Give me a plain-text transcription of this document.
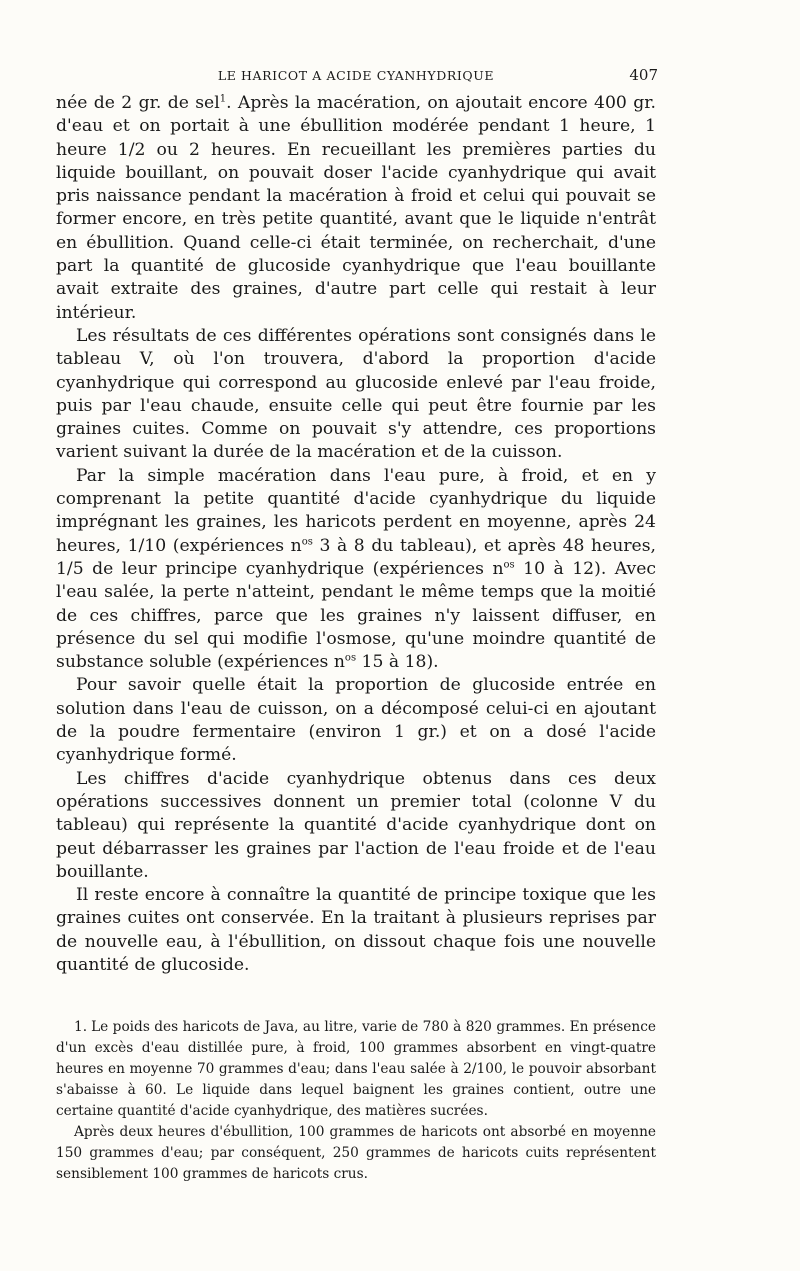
LE HARICOT A ACIDE CYANHYDRIQUE	407

née de 2 gr. de sel$^1$. Après la macération, on ajoutait encore 400 gr. d'eau et on portait à une ébullition modérée pendant 1 heure, 1 heure 1/2 ou 2 heures. En recueillant les premières parties du liquide bouillant, on pouvait doser l'acide cyanhydrique qui avait pris naissance pendant la macération à froid et celui qui pouvait se former encore, en très petite quantité, avant que le liquide n'entrât en ébullition. Quand celle-ci était terminée, on recherchait, d'une part la quantité de glucoside cyanhydrique que l'eau bouillante avait extraite des graines, d'autre part celle qui restait à leur intérieur.

Les résultats de ces différentes opérations sont consignés dans le tableau V, où l'on trouvera, d'abord la proportion d'acide cyanhydrique qui correspond au glucoside enlevé par l'eau froide, puis par l'eau chaude, ensuite celle qui peut être fournie par les graines cuites. Comme on pouvait s'y attendre, ces proportions varient suivant la durée de la macération et de la cuisson.

Par la simple macération dans l'eau pure, à froid, et en y comprenant la petite quantité d'acide cyanhydrique du liquide imprégnant les graines, les haricots perdent en moyenne, après 24 heures, 1/10 (expériences $n^{os}$ 3 à 8 du tableau), et après 48 heures, 1/5 de leur principe cyanhydrique (expériences $n^{os}$ 10 à 12). Avec l'eau salée, la perte n'atteint, pendant le même temps que la moitié de ces chiffres, parce que les graines n'y laissent diffuser, en présence du sel qui modifie l'osmose, qu'une moindre quantité de substance soluble (expériences $n^{os}$ 15 à 18).

Pour savoir quelle était la proportion de glucoside entrée en solution dans l'eau de cuisson, on a décomposé celui-ci en ajoutant de la poudre fermentaire (environ 1 gr.) et on a dosé l'acide cyanhydrique formé.

Les chiffres d'acide cyanhydrique obtenus dans ces deux opérations successives donnent un premier total (colonne V du tableau) qui représente la quantité d'acide cyanhydrique dont on peut débarrasser les graines par l'action de l'eau froide et de l'eau bouillante.

Il reste encore à connaître la quantité de principe toxique que les graines cuites ont conservée. En la traitant à plusieurs reprises par de nouvelle eau, à l'ébullition, on dissout chaque fois une nouvelle quantité de glucoside.

1. Le poids des haricots de Java, au litre, varie de 780 à 820 grammes. En présence d'un excès d'eau distillée pure, à froid, 100 grammes absorbent en vingt-quatre heures en moyenne 70 grammes d'eau; dans l'eau salée à 2/100, le pouvoir absorbant s'abaisse à 60. Le liquide dans lequel baignent les graines contient, outre une certaine quantité d'acide cyanhydrique, des matières sucrées.

Après deux heures d'ébullition, 100 grammes de haricots ont absorbé en moyenne 150 grammes d'eau; par conséquent, 250 grammes de haricots cuits représentent sensiblement 100 grammes de haricots crus.
